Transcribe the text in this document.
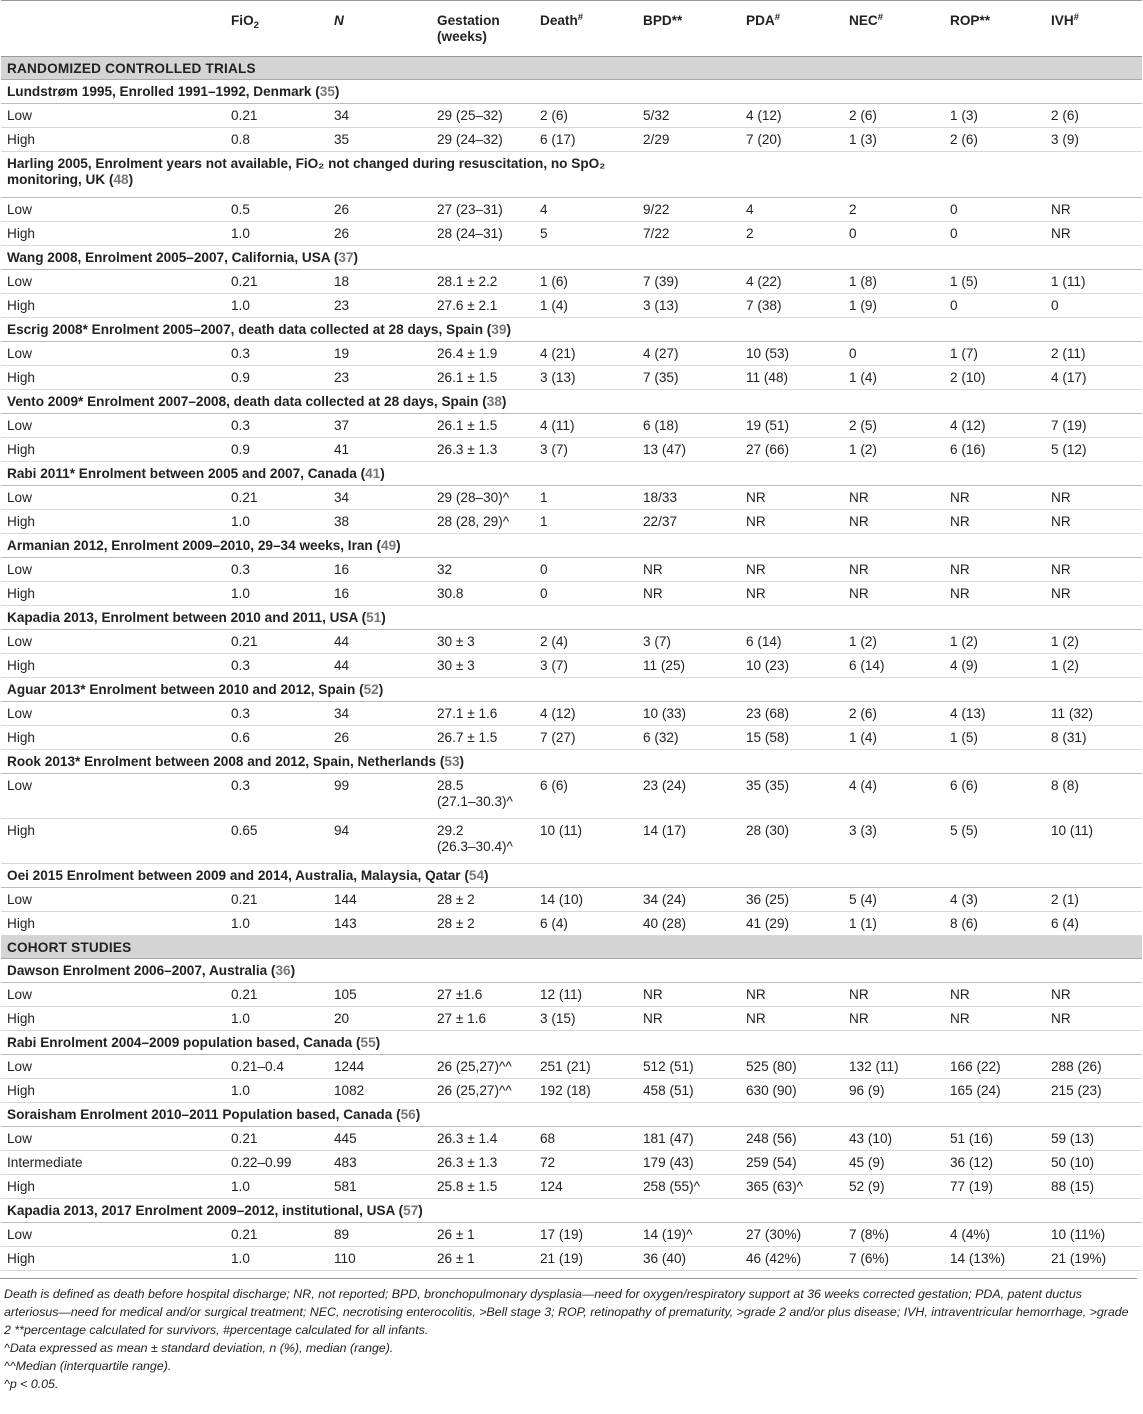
	FiO$_2$	N	Gestation (weeks)	Death#	BPD**	PDA#	NEC#	ROP**	IVH#
RANDOMIZED CONTROLLED TRIALS									
Lundstrøm 1995, Enrolled 1991–1992, Denmark (35)									
Low	0.21	34	29 (25–32)	2 (6)	5/32	4 (12)	2 (6)	1 (3)	2 (6)
High	0.8	35	29 (24–32)	6 (17)	2/29	7 (20)	1 (3)	2 (6)	3 (9)
Harling 2005, Enrolment years not available, FiO₂ not changed during resuscitation, no SpO₂ monitoring, UK (48)									
Low	0.5	26	27 (23–31)	4	9/22	4	2	0	NR
High	1.0	26	28 (24–31)	5	7/22	2	0	0	NR
Wang 2008, Enrolment 2005–2007, California, USA (37)									
Low	0.21	18	28.1 ± 2.2	1 (6)	7 (39)	4 (22)	1 (8)	1 (5)	1 (11)
High	1.0	23	27.6 ± 2.1	1 (4)	3 (13)	7 (38)	1 (9)	0	0
Escrig 2008* Enrolment 2005–2007, death data collected at 28 days, Spain (39)									
Low	0.3	19	26.4 ± 1.9	4 (21)	4 (27)	10 (53)	0	1 (7)	2 (11)
High	0.9	23	26.1 ± 1.5	3 (13)	7 (35)	11 (48)	1 (4)	2 (10)	4 (17)
Vento 2009* Enrolment 2007–2008, death data collected at 28 days, Spain (38)									
Low	0.3	37	26.1 ± 1.5	4 (11)	6 (18)	19 (51)	2 (5)	4 (12)	7 (19)
High	0.9	41	26.3 ± 1.3	3 (7)	13 (47)	27 (66)	1 (2)	6 (16)	5 (12)
Rabi 2011* Enrolment between 2005 and 2007, Canada (41)									
Low	0.21	34	29 (28–30)^	1	18/33	NR	NR	NR	NR
High	1.0	38	28 (28, 29)^	1	22/37	NR	NR	NR	NR
Armanian 2012, Enrolment 2009–2010, 29–34 weeks, Iran (49)									
Low	0.3	16	32	0	NR	NR	NR	NR	NR
High	1.0	16	30.8	0	NR	NR	NR	NR	NR
Kapadia 2013, Enrolment between 2010 and 2011, USA (51)									
Low	0.21	44	30 ± 3	2 (4)	3 (7)	6 (14)	1 (2)	1 (2)	1 (2)
High	0.3	44	30 ± 3	3 (7)	11 (25)	10 (23)	6 (14)	4 (9)	1 (2)
Aguar 2013* Enrolment between 2010 and 2012, Spain (52)									
Low	0.3	34	27.1 ± 1.6	4 (12)	10 (33)	23 (68)	2 (6)	4 (13)	11 (32)
High	0.6	26	26.7 ± 1.5	7 (27)	6 (32)	15 (58)	1 (4)	1 (5)	8 (31)
Rook 2013* Enrolment between 2008 and 2012, Spain, Netherlands (53)									
Low	0.3	99	28.5
(27.1–30.3)^	6 (6)	23 (24)	35 (35)	4 (4)	6 (6)	8 (8)
High	0.65	94	29.2
(26.3–30.4)^	10 (11)	14 (17)	28 (30)	3 (3)	5 (5)	10 (11)
Oei 2015 Enrolment between 2009 and 2014, Australia, Malaysia, Qatar (54)									
Low	0.21	144	28 ± 2	14 (10)	34 (24)	36 (25)	5 (4)	4 (3)	2 (1)
High	1.0	143	28 ± 2	6 (4)	40 (28)	41 (29)	1 (1)	8 (6)	6 (4)
COHORT STUDIES									
Dawson Enrolment 2006–2007, Australia (36)									
Low	0.21	105	27 ±1.6	12 (11)	NR	NR	NR	NR	NR
High	1.0	20	27 ± 1.6	3 (15)	NR	NR	NR	NR	NR
Rabi Enrolment 2004–2009 population based, Canada (55)									
Low	0.21–0.4	1244	26 (25,27)^^	251 (21)	512 (51)	525 (80)	132 (11)	166 (22)	288 (26)
High	1.0	1082	26 (25,27)^^	192 (18)	458 (51)	630 (90)	96 (9)	165 (24)	215 (23)
Soraisham Enrolment 2010–2011 Population based, Canada (56)									
Low	0.21	445	26.3 ± 1.4	68	181 (47)	248 (56)	43 (10)	51 (16)	59 (13)
Intermediate	0.22–0.99	483	26.3 ± 1.3	72	179 (43)	259 (54)	45 (9)	36 (12)	50 (10)
High	1.0	581	25.8 ± 1.5	124	258 (55)^	365 (63)^	52 (9)	77 (19)	88 (15)
Kapadia 2013, 2017 Enrolment 2009–2012, institutional, USA (57)									
Low	0.21	89	26 ± 1	17 (19)	14 (19)^	27 (30%)	7 (8%)	4 (4%)	10 (11%)
High	1.0	110	26 ± 1	21 (19)	36 (40)	46 (42%)	7 (6%)	14 (13%)	21 (19%)

Death is defined as death before hospital discharge; NR, not reported; BPD, bronchopulmonary dysplasia—need for oxygen/respiratory support at 36 weeks corrected gestation; PDA, patent ductus arteriosus—need for medical and/or surgical treatment; NEC, necrotising enterocolitis, >Bell stage 3; ROP, retinopathy of prematurity, >grade 2 and/or plus disease; IVH, intraventricular hemorrhage, >grade 2 **percentage calculated for survivors, #percentage calculated for all infants.

^Data expressed as mean ± standard deviation, n (%), median (range).

^^Median (interquartile range).

^p < 0.05.
